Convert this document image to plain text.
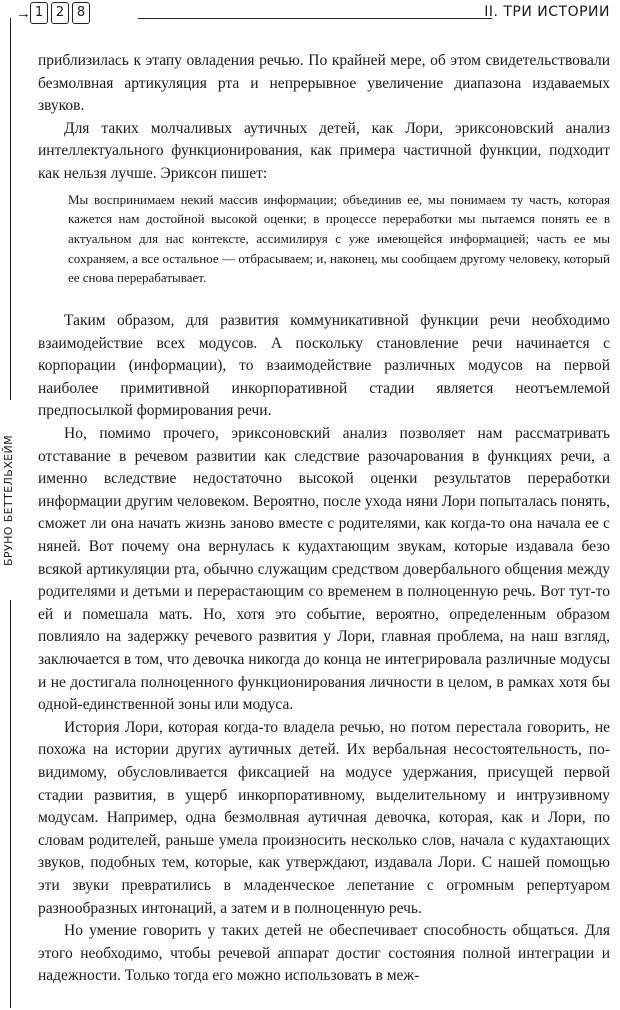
→ 1 2 8	II. ТРИ ИСТОРИИ
БРУНО БЕТТЕЛЬХЕЙМ

приблизилась к этапу овладения речью. По крайней мере, об этом свидетельствовали безмолвная артикуляция рта и непрерывное увеличение диапазона издаваемых звуков.

Для таких молчаливых аутичных детей, как Лори, эриксоновский анализ интеллектуального функционирования, как примера частичной функции, подходит как нельзя лучше. Эриксон пишет:

Мы воспринимаем некий массив информации; объединив ее, мы понимаем ту часть, которая кажется нам достойной высокой оценки; в процессе переработки мы пытаемся понять ее в актуальном для нас контексте, ассимилируя с уже имеющейся информацией; часть ее мы сохраняем, а все остальное — отбрасываем; и, наконец, мы сообщаем другому человеку, который ее снова перерабатывает.

Таким образом, для развития коммуникативной функции речи необходимо взаимодействие всех модусов. А поскольку становление речи начинается с корпорации (информации), то взаимодействие различных модусов на первой наиболее примитивной инкорпоративной стадии является неотъемлемой предпосылкой формирования речи.

Но, помимо прочего, эриксоновский анализ позволяет нам рассматривать отставание в речевом развитии как следствие разочарования в функциях речи, а именно вследствие недостаточно высокой оценки результатов переработки информации другим человеком. Вероятно, после ухода няни Лори попыталась понять, сможет ли она начать жизнь заново вместе с родителями, как когда-то она начала ее с няней. Вот почему она вернулась к кудахтающим звукам, которые издавала безо всякой артикуляции рта, обычно служащим средством довербального общения между родителями и детьми и перерастающим со временем в полноценную речь. Вот тут-то ей и помешала мать. Но, хотя это событие, вероятно, определенным образом повлияло на задержку речевого развития у Лори, главная проблема, на наш взгляд, заключается в том, что девочка никогда до конца не интегрировала различные модусы и не достигала полноценного функционирования личности в целом, в рамках хотя бы одной-единственной зоны или модуса.

История Лори, которая когда-то владела речью, но потом перестала говорить, не похожа на истории других аутичных детей. Их вербальная несостоятельность, по-видимому, обусловливается фиксацией на модусе удержания, присущей первой стадии развития, в ущерб инкорпоративному, выделительному и интрузивному модусам. Например, одна безмолвная аутичная девочка, которая, как и Лори, по словам родителей, раньше умела произносить несколько слов, начала с кудахтающих звуков, подобных тем, которые, как утверждают, издавала Лори. С нашей помощью эти звуки превратились в младенческое лепетание с огромным репертуаром разнообразных интонаций, а затем и в полноценную речь.

Но умение говорить у таких детей не обеспечивает способность общаться. Для этого необходимо, чтобы речевой аппарат достиг состояния полной интеграции и надежности. Только тогда его можно использовать в меж-
